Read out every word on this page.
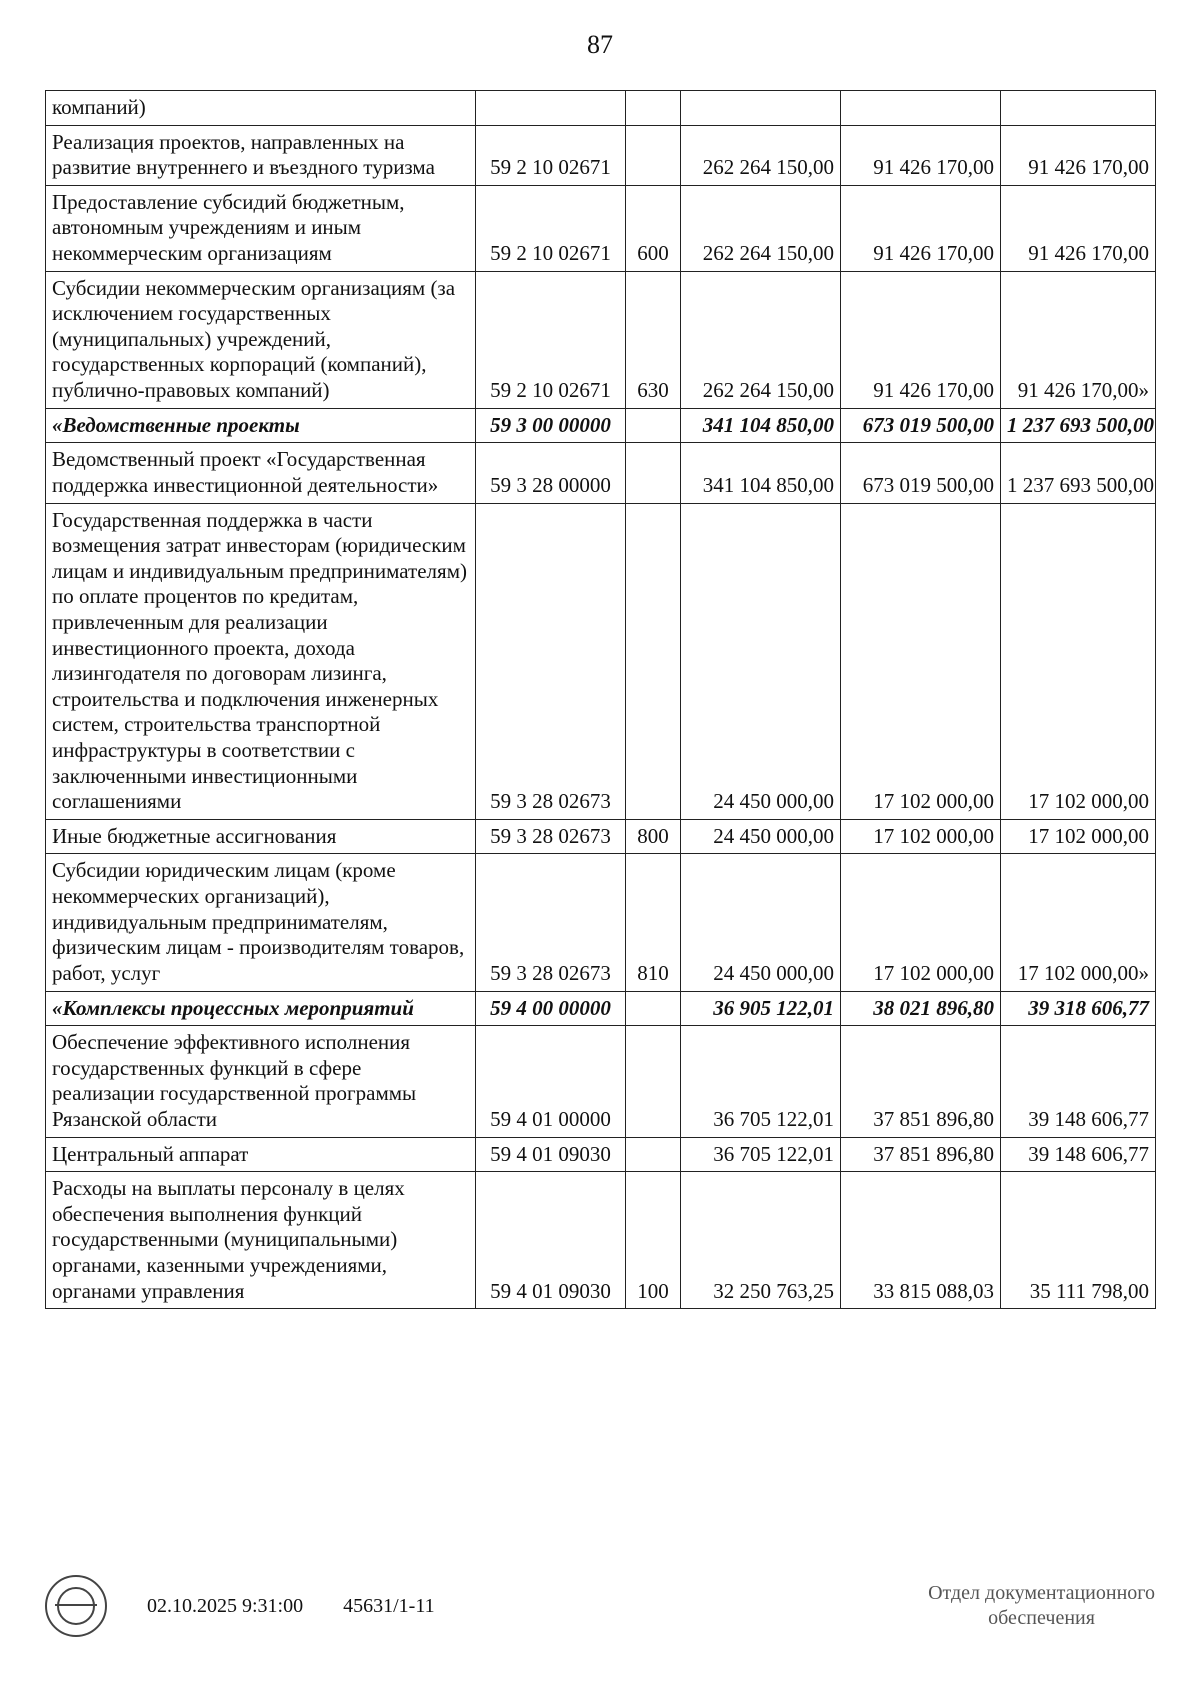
87
компаний)					
Реализация проектов, направленных на развитие внутреннего и въездного туризма	59 2 10 02671		262 264 150,00	91 426 170,00	91 426 170,00
Предоставление субсидий бюджетным, автономным учреждениям и иным некоммерческим организациям	59 2 10 02671	600	262 264 150,00	91 426 170,00	91 426 170,00
Субсидии некоммерческим организациям (за исключением государственных (муниципальных) учреждений, государственных корпораций (компаний), публично-правовых компаний)	59 2 10 02671	630	262 264 150,00	91 426 170,00	91 426 170,00»
«Ведомственные проекты	59 3 00 00000		341 104 850,00	673 019 500,00	1 237 693 500,00
Ведомственный проект «Государственная поддержка инвестиционной деятельности»	59 3 28 00000		341 104 850,00	673 019 500,00	1 237 693 500,00
Государственная поддержка в части возмещения затрат инвесторам (юридическим лицам и индивидуальным предпринимателям) по оплате процентов по кредитам, привлеченным для реализации инвестиционного проекта, дохода лизингодателя по договорам лизинга, строительства и подключения инженерных систем, строительства транспортной инфраструктуры в соответствии с заключенными инвестиционными соглашениями	59 3 28 02673		24 450 000,00	17 102 000,00	17 102 000,00
Иные бюджетные ассигнования	59 3 28 02673	800	24 450 000,00	17 102 000,00	17 102 000,00
Субсидии юридическим лицам (кроме некоммерческих организаций), индивидуальным предпринимателям, физическим лицам - производителям товаров, работ, услуг	59 3 28 02673	810	24 450 000,00	17 102 000,00	17 102 000,00»
«Комплексы процессных мероприятий	59 4 00 00000		36 905 122,01	38 021 896,80	39 318 606,77
Обеспечение эффективного исполнения государственных функций в сфере реализации государственной программы Рязанской области	59 4 01 00000		36 705 122,01	37 851 896,80	39 148 606,77
Центральный аппарат	59 4 01 09030		36 705 122,01	37 851 896,80	39 148 606,77
Расходы на выплаты персоналу в целях обеспечения выполнения функций государственными (муниципальными) органами, казенными учреждениями, органами управления	59 4 01 09030	100	32 250 763,25	33 815 088,03	35 111 798,00
02.10.2025 9:31:00 45631/1-11
Отдел документационного
обеспечения
